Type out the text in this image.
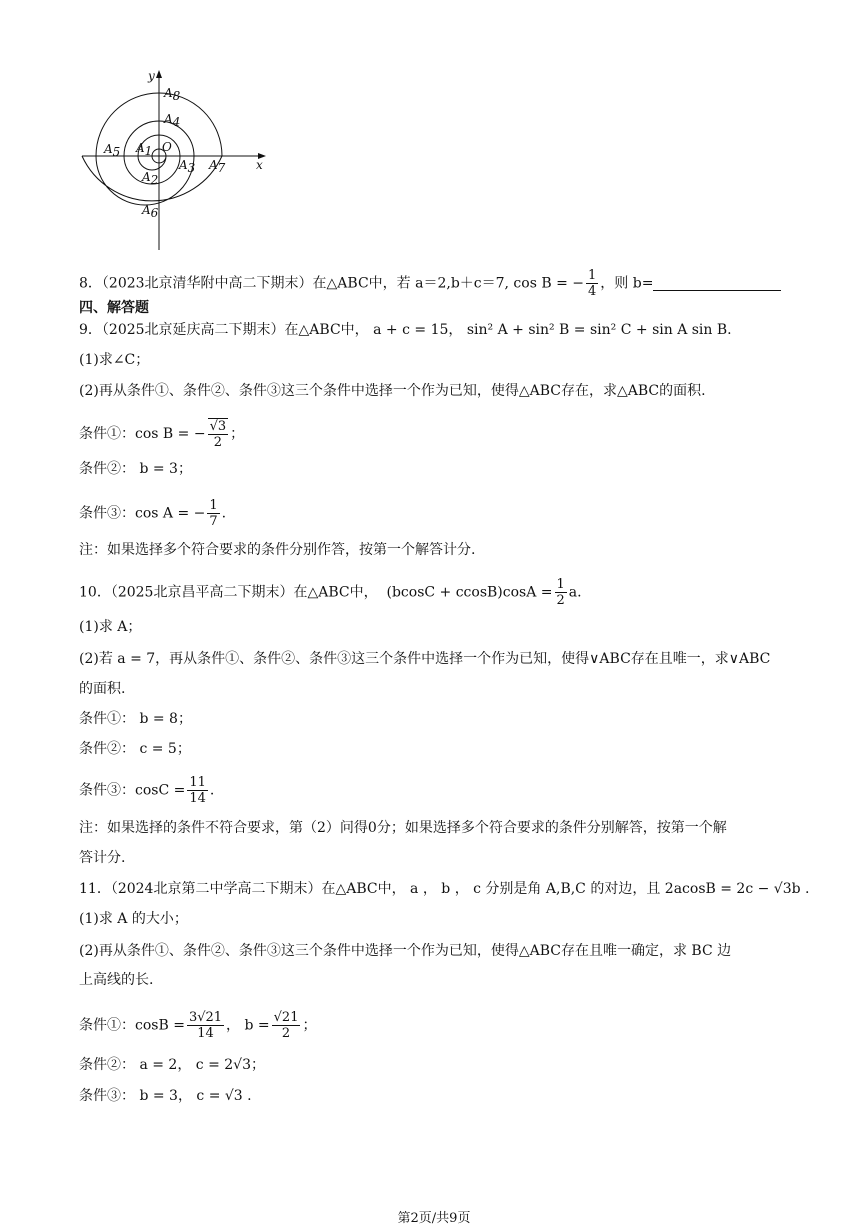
y
x
O
A8
A4
A5 A1
A3 A7
A2
A6
8．（2023北京清华附中高二下期末）在△ABC中，若 a＝2,b＋c＝7, cos B = − $\frac{1}{4}$ ，则 b=
四、解答题
9．（2025北京延庆高二下期末）在△ABC中， a + c = 15， sin² A + sin² B = sin² C + sin A sin B.
(1)求∠C；
(2)再从条件①、条件②、条件③这三个条件中选择一个作为已知，使得△ABC存在，求△ABC的面积.
条件①：cos B = − $\frac{√3}{2}$ ；
条件②： b = 3；
条件③：cos A = − $\frac{1}{7}$ .
注：如果选择多个符合要求的条件分别作答，按第一个解答计分.
10．（2025北京昌平高二下期末）在△ABC中， $(bcosC + ccosB)\cos A = \frac{1}{2} a$.
(1)求 A；
(2)若 a = 7，再从条件①、条件②、条件③这三个条件中选择一个作为已知，使得∨ABC存在且唯一，求∨ABC
的面积.
条件①： b = 8；
条件②： c = 5；
条件③：$\cos C = \frac{11}{14}$ .
注：如果选择的条件不符合要求，第（2）问得0分；如果选择多个符合要求的条件分别解答，按第一个解
答计分.
11．（2024北京第二中学高二下期末）在△ABC中， a ， b ， c 分别是角 A,B,C 的对边，且 2acosB = 2c − √3b .
(1)求 A 的大小；
(2)再从条件①、条件②、条件③这三个条件中选择一个作为已知，使得△ABC存在且唯一确定，求 BC 边
上高线的长.
条件①：$\cos B = \frac{3√21}{14}$ ， $b = \frac{√21}{2}$ ；
条件②： a = 2， c = 2√3；
条件③： b = 3， c = √3 .
第2页/共9页
